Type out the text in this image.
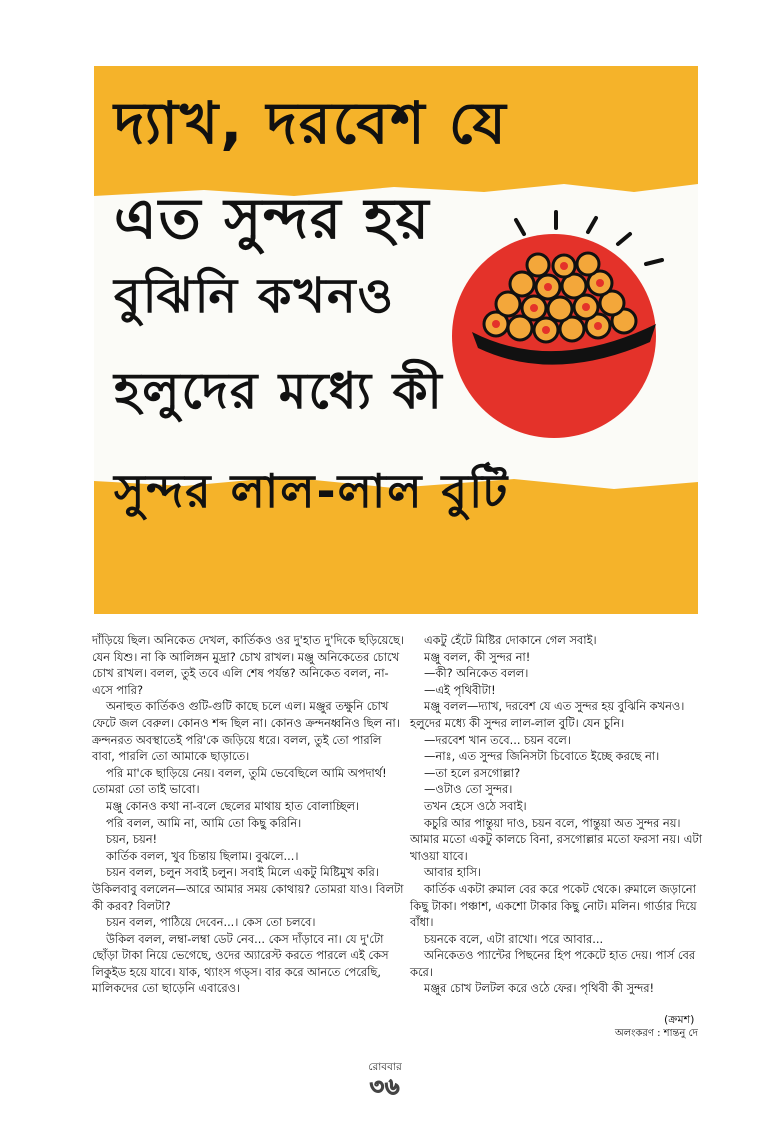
দ্যাখ, দরবেশ যে
এত সুন্দর হয়
বুঝিনি কখনও
হলুদের মধ্যে কী
সুন্দর লাল-লাল বুটি

দাঁড়িয়ে ছিল। অনিকেত দেখল, কার্তিকও ওর দু'হাত দু'দিকে ছড়িয়েছে। যেন যিশু। না কি আলিঙ্গন মুদ্রা? চোখ রাখল। মঞ্জু অনিকেতের চোখে চোখ রাখল। বলল, তুই তবে এলি শেষ পর্যন্ত? অনিকেত বলল, না-এসে পারি?

অনাহুত কার্তিকও গুটি-গুটি কাছে চলে এল। মঞ্জুর তক্ষুনি চোখ ফেটে জল বেরুল। কোনও শব্দ ছিল না। কোনও ক্রন্দনধ্বনিও ছিল না। ক্রন্দনরত অবস্থাতেই পরি'কে জড়িয়ে ধরে। বলল, তুই তো পারলি বাবা, পারলি তো আমাকে ছাড়াতে।

পরি মা'কে ছাড়িয়ে নেয়। বলল, তুমি ভেবেছিলে আমি অপদার্থ! তোমরা তো তাই ভাবো।

মঞ্জু কোনও কথা না-বলে ছেলের মাথায় হাত বোলাচ্ছিল।

পরি বলল, আমি না, আমি তো কিছু করিনি।

চয়ন, চয়ন!

কার্তিক বলল, খুব চিন্তায় ছিলাম। বুঝলে...।

চয়ন বলল, চলুন সবাই চলুন। সবাই মিলে একটু মিষ্টিমুখ করি।

উকিলবাবু বললেন—আরে আমার সময় কোথায়? তোমরা যাও। বিলটা কী করব? বিলটা?

চয়ন বলল, পাঠিয়ে দেবেন...। কেস তো চলবে।

উকিল বলল, লম্বা-লম্বা ডেট নেব... কেস দাঁড়াবে না। যে দু'টো ছোঁড়া টাকা নিয়ে ভেগেছে, ওদের অ্যারেস্ট করতে পারলে এই কেস লিকুইড হয়ে যাবে। যাক, থ্যাংস গড্‌স। বার করে আনতে পেরেছি, মালিকদের তো ছাড়েনি এবারেও।

একটু হেঁটে মিষ্টির দোকানে গেল সবাই।

মঞ্জু বলল, কী সুন্দর না!

—কী? অনিকেত বলল।

—এই পৃথিবীটা!

মঞ্জু বলল—দ্যাখ, দরবেশ যে এত সুন্দর হয় বুঝিনি কখনও। হলুদের মধ্যে কী সুন্দর লাল-লাল বুটি। যেন চুনি।

—দরবেশ খান তবে... চয়ন বলে।

—নাঃ, এত সুন্দর জিনিসটা চিবোতে ইচ্ছে করছে না।

—তা হলে রসগোল্লা?

—ওটাও তো সুন্দর।

তখন হেসে ওঠে সবাই।

কচুরি আর পান্তুয়া দাও, চয়ন বলে, পান্তুয়া অত সুন্দর নয়। আমার মতো একটু কালচে বিনা, রসগোল্লার মতো ফরসা নয়। এটা খাওয়া যাবে।

আবার হাসি।

কার্তিক একটা রুমাল বের করে পকেট থেকে। রুমালে জড়ানো কিছু টাকা। পঞ্চাশ, একশো টাকার কিছু নোট। মলিন। গার্ডার দিয়ে বাঁধা।

চয়নকে বলে, এটা রাখো। পরে আবার...

অনিকেতও প্যান্টের পিছনের হিপ পকেটে হাত দেয়। পার্স বের করে।

মঞ্জুর চোখ টলটল করে ওঠে ফের। পৃথিবী কী সুন্দর!

(ক্রমশ)
অলংকরণ : শান্তনু দে
রোববার
৩৬
